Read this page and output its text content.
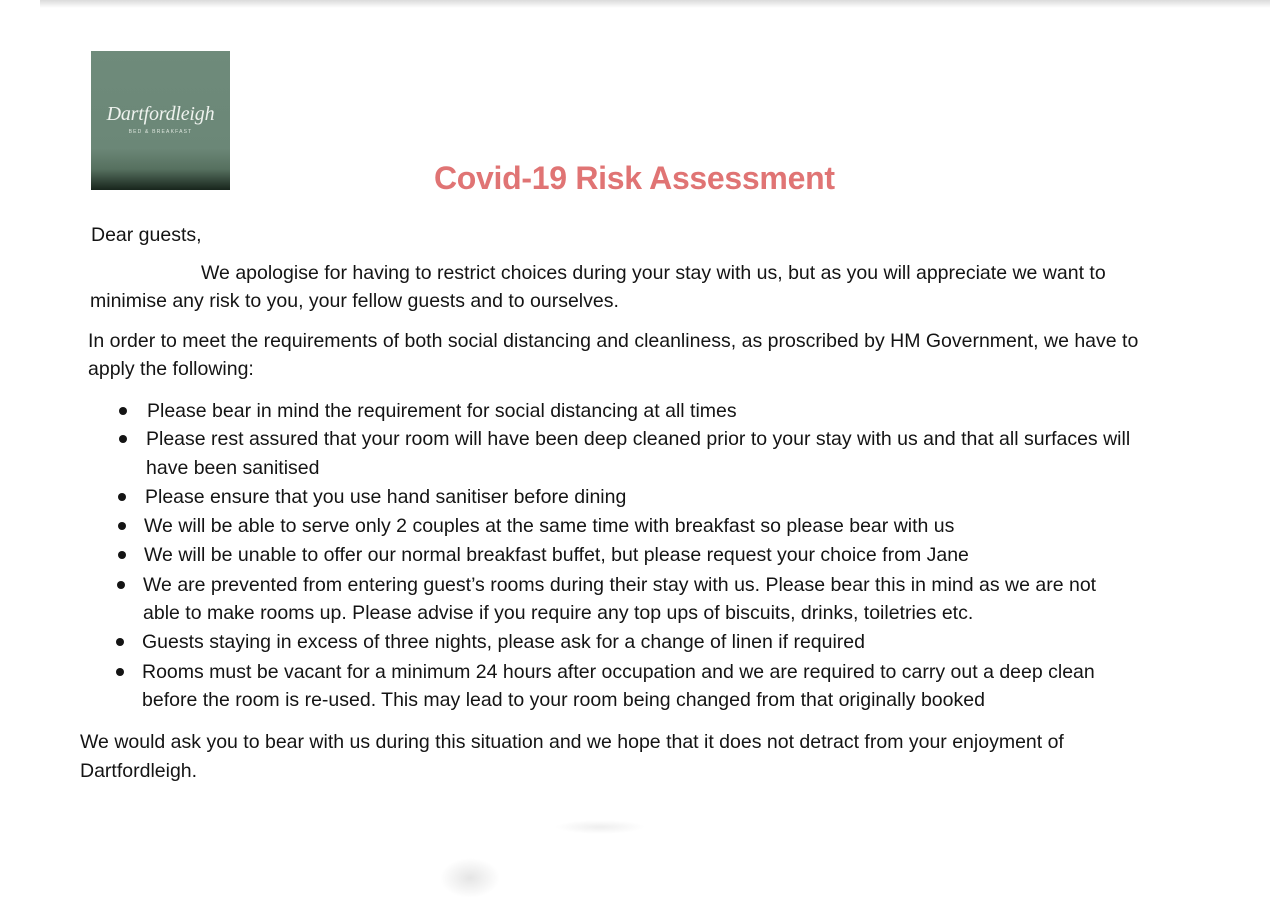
Dartfordleigh
BED & BREAKFAST
Covid-19 Risk Assessment
Dear guests,
We apologise for having to restrict choices during your stay with us, but as you will appreciate we want to
minimise any risk to you, your fellow guests and to ourselves.
In order to meet the requirements of both social distancing and cleanliness, as proscribed by HM Government, we have to
apply the following:
Please bear in mind the requirement for social distancing at all times
Please rest assured that your room will have been deep cleaned prior to your stay with us and that all surfaces will
have been sanitised
Please ensure that you use hand sanitiser before dining
We will be able to serve only 2 couples at the same time with breakfast so please bear with us
We will be unable to offer our normal breakfast buffet, but please request your choice from Jane
We are prevented from entering guest’s rooms during their stay with us. Please bear this in mind as we are not
able to make rooms up. Please advise if you require any top ups of biscuits, drinks, toiletries etc.
Guests staying in excess of three nights, please ask for a change of linen if required
Rooms must be vacant for a minimum 24 hours after occupation and we are required to carry out a deep clean
before the room is re-used. This may lead to your room being changed from that originally booked
We would ask you to bear with us during this situation and we hope that it does not detract from your enjoyment of
Dartfordleigh.
